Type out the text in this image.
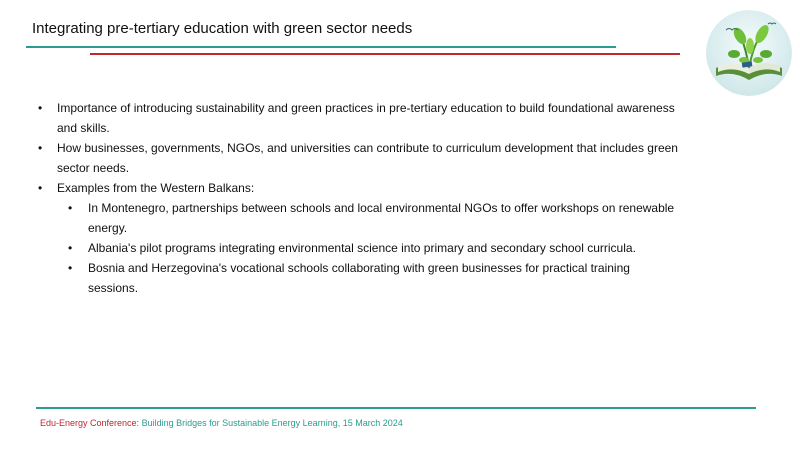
Integrating pre-tertiary education with green sector needs
• Importance of introducing sustainability and green practices in pre-tertiary education to build foundational awareness and skills.
• How businesses, governments, NGOs, and universities can contribute to curriculum development that includes green sector needs.
• Examples from the Western Balkans:
• In Montenegro, partnerships between schools and local environmental NGOs to offer workshops on renewable energy.
• Albania's pilot programs integrating environmental science into primary and secondary school curricula.
• Bosnia and Herzegovina's vocational schools collaborating with green businesses for practical training sessions.
Edu-Energy Conference: Building Bridges for Sustainable Energy Learning, 15 March 2024
